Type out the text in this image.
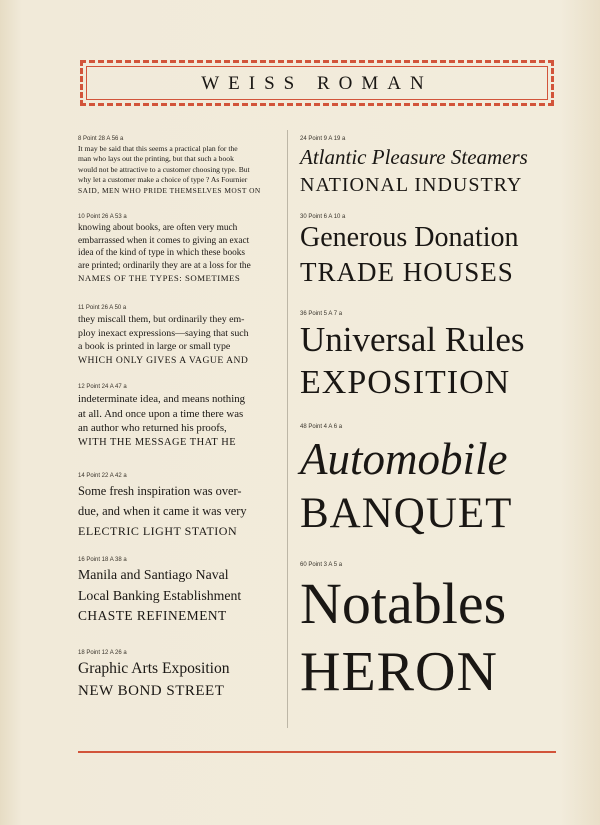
WEISS ROMAN
8 Point 28 A 56 a
It may be said that this seems a practical plan for the
man who lays out the printing, but that such a book
would not be attractive to a customer choosing type. But
why let a customer make a choice of type ? As Fournier
SAID, MEN WHO PRIDE THEMSELVES MOST ON
10 Point 26 A 53 a
knowing about books, are often very much
embarrassed when it comes to giving an exact
idea of the kind of type in which these books
are printed; ordinarily they are at a loss for the
NAMES OF THE TYPES: SOMETIMES
11 Point 26 A 50 a
they miscall them, but ordinarily they em-
ploy inexact expressions—saying that such
a book is printed in large or small type
WHICH ONLY GIVES A VAGUE AND
12 Point 24 A 47 a
indeterminate idea, and means nothing
at all. And once upon a time there was
an author who returned his proofs,
WITH THE MESSAGE THAT HE
14 Point 22 A 42 a
Some fresh inspiration was over-
due, and when it came it was very
ELECTRIC LIGHT STATION
16 Point 18 A 38 a
Manila and Santiago Naval
Local Banking Establishment
CHASTE REFINEMENT
18 Point 12 A 26 a
Graphic Arts Exposition
NEW BOND STREET
24 Point 9 A 19 a
Atlantic Pleasure Steamers
NATIONAL INDUSTRY
30 Point 6 A 10 a
Generous Donation
TRADE HOUSES
36 Point 5 A 7 a
Universal Rules
EXPOSITION
48 Point 4 A 6 a
Automobile
BANQUET
60 Point 3 A 5 a
Notables
HERON
